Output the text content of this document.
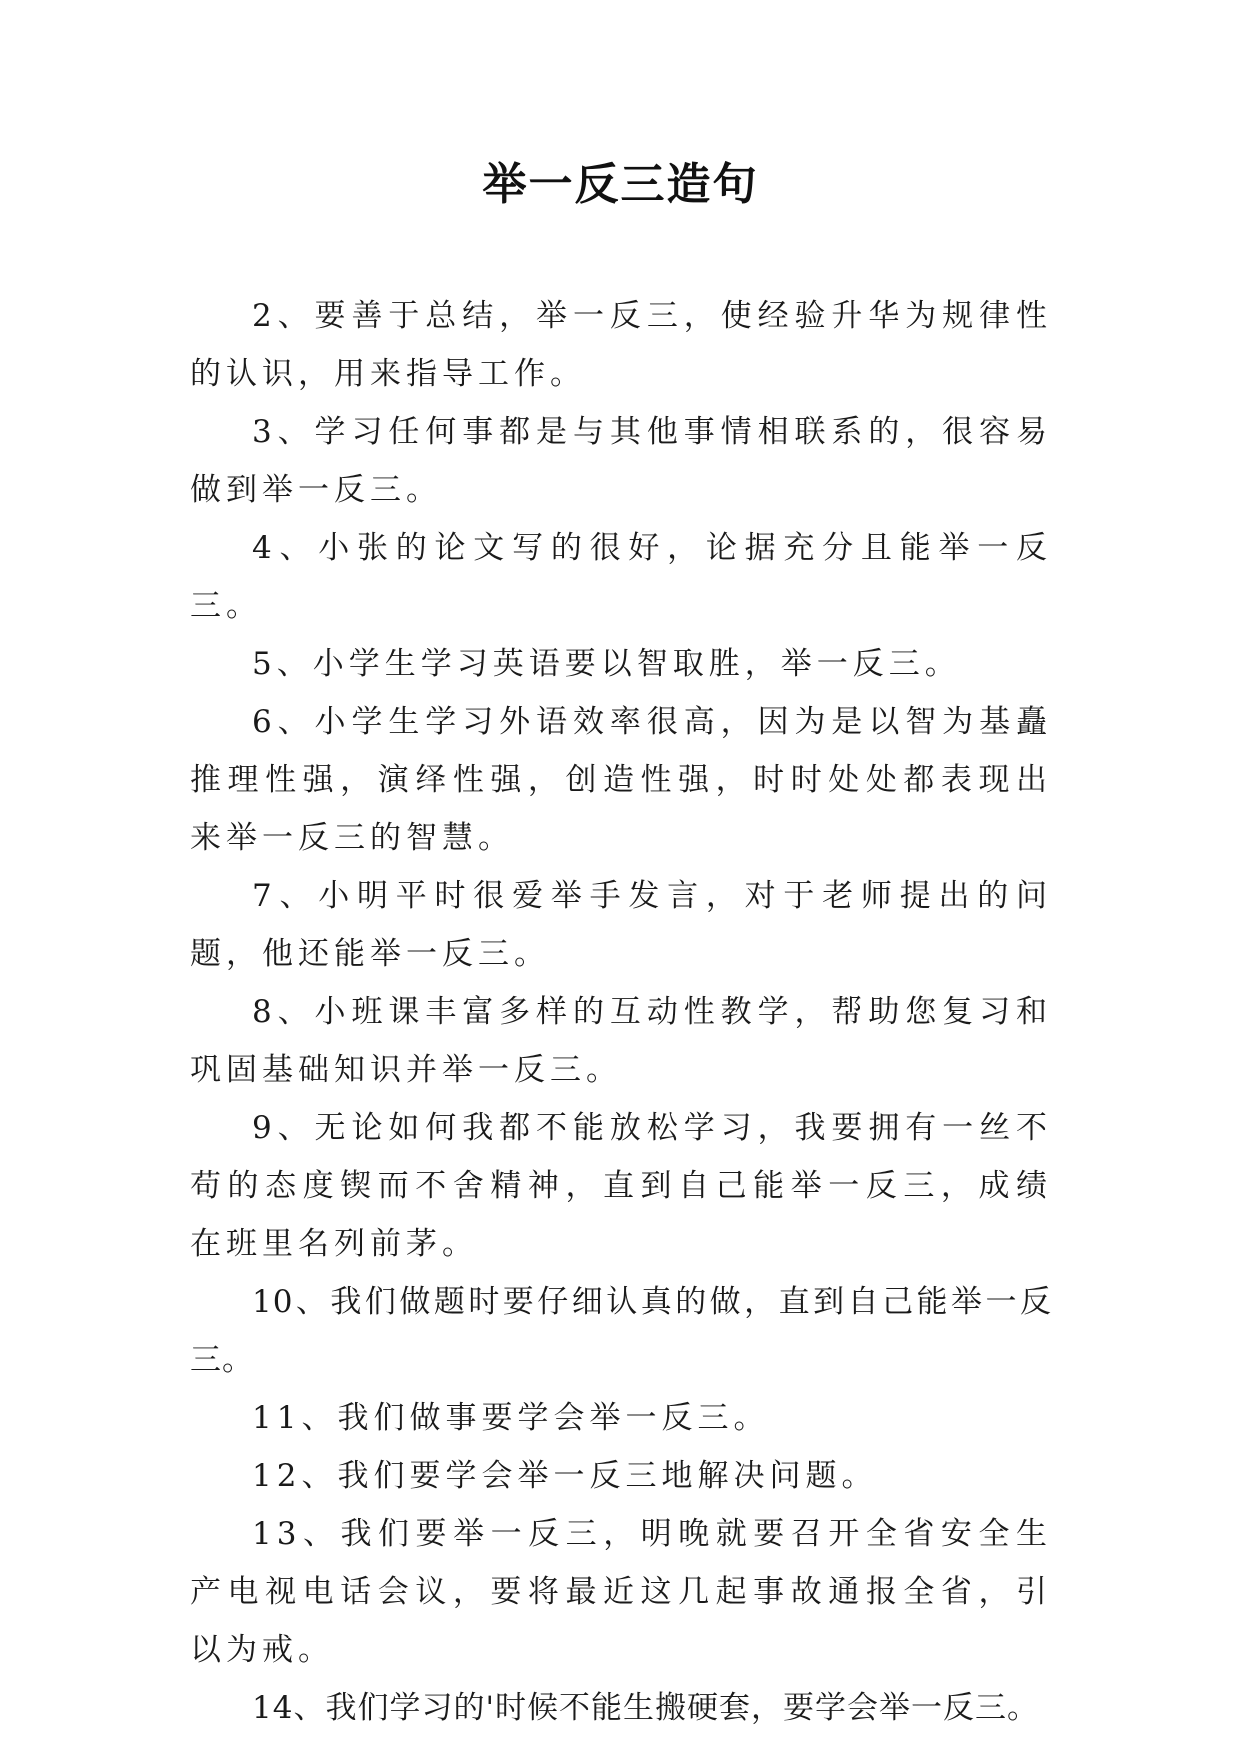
举一反三造句

2、要善于总结，举一反三，使经验升华为规律性的认识，用来指导工作。

3、学习任何事都是与其他事情相联系的，很容易做到举一反三。

4、小张的论文写的很好，论据充分且能举一反三。

5、小学生学习英语要以智取胜，举一反三。

6、小学生学习外语效率很高，因为是以智为基矗推理性强，演绎性强，创造性强，时时处处都表现出来举一反三的智慧。

7、小明平时很爱举手发言，对于老师提出的问题，他还能举一反三。

8、小班课丰富多样的互动性教学，帮助您复习和巩固基础知识并举一反三。

9、无论如何我都不能放松学习，我要拥有一丝不苟的态度锲而不舍精神，直到自己能举一反三，成绩在班里名列前茅。

10、我们做题时要仔细认真的做，直到自己能举一反三。

11、我们做事要学会举一反三。

12、我们要学会举一反三地解决问题。

13、我们要举一反三，明晚就要召开全省安全生产电视电话会议，要将最近这几起事故通报全省，引以为戒。

14、我们学习的'时候不能生搬硬套，要学会举一反三。
